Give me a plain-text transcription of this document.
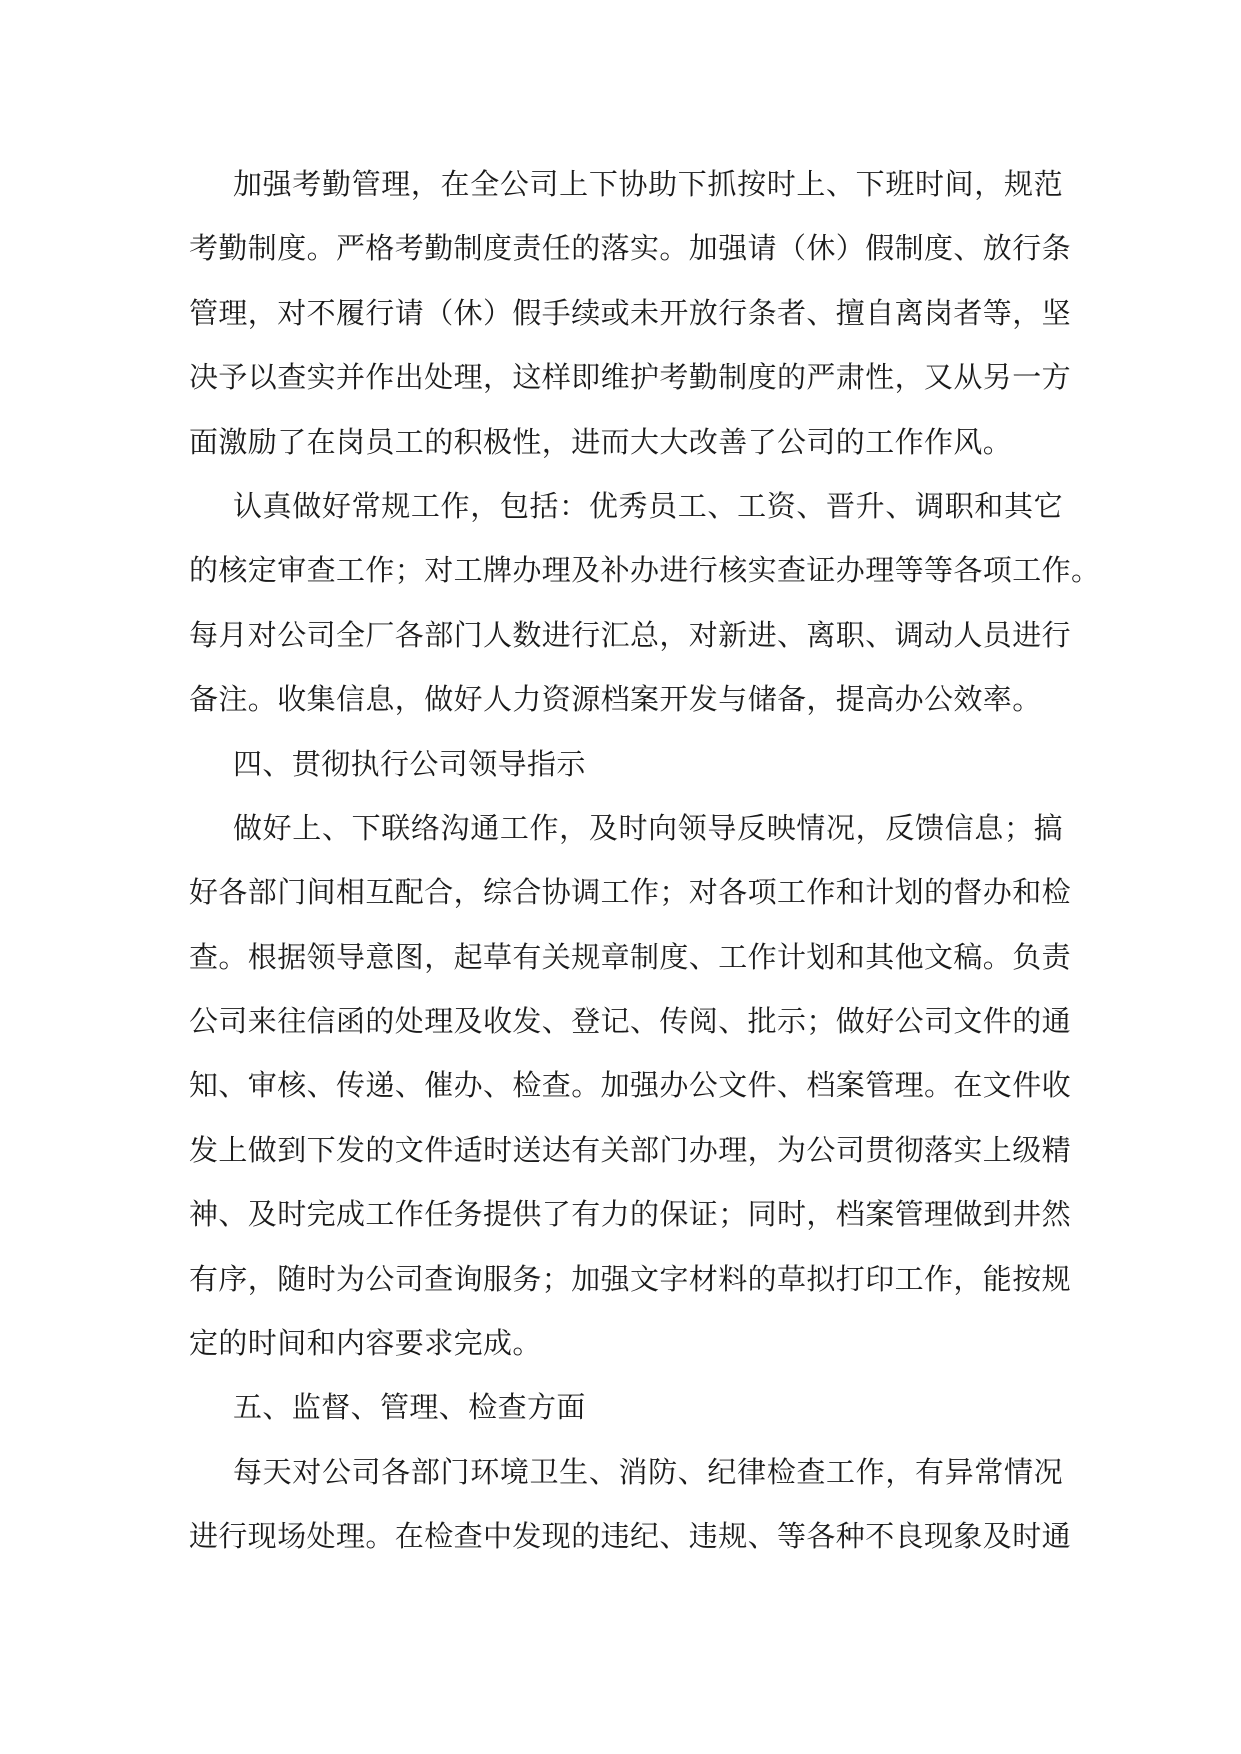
加强考勤管理，在全公司上下协助下抓按时上、下班时间，规范
考勤制度。严格考勤制度责任的落实。加强请（休）假制度、放行条
管理，对不履行请（休）假手续或未开放行条者、擅自离岗者等，坚
决予以查实并作出处理，这样即维护考勤制度的严肃性，又从另一方
面激励了在岗员工的积极性，进而大大改善了公司的工作作风。
认真做好常规工作，包括：优秀员工、工资、晋升、调职和其它
的核定审查工作；对工牌办理及补办进行核实查证办理等等各项工作。
每月对公司全厂各部门人数进行汇总，对新进、离职、调动人员进行
备注。收集信息，做好人力资源档案开发与储备，提高办公效率。
四、贯彻执行公司领导指示
做好上、下联络沟通工作，及时向领导反映情况，反馈信息；搞
好各部门间相互配合，综合协调工作；对各项工作和计划的督办和检
查。根据领导意图，起草有关规章制度、工作计划和其他文稿。负责
公司来往信函的处理及收发、登记、传阅、批示；做好公司文件的通
知、审核、传递、催办、检查。加强办公文件、档案管理。在文件收
发上做到下发的文件适时送达有关部门办理，为公司贯彻落实上级精
神、及时完成工作任务提供了有力的保证；同时，档案管理做到井然
有序，随时为公司查询服务；加强文字材料的草拟打印工作，能按规
定的时间和内容要求完成。
五、监督、管理、检查方面
每天对公司各部门环境卫生、消防、纪律检查工作，有异常情况
进行现场处理。在检查中发现的违纪、违规、等各种不良现象及时通
